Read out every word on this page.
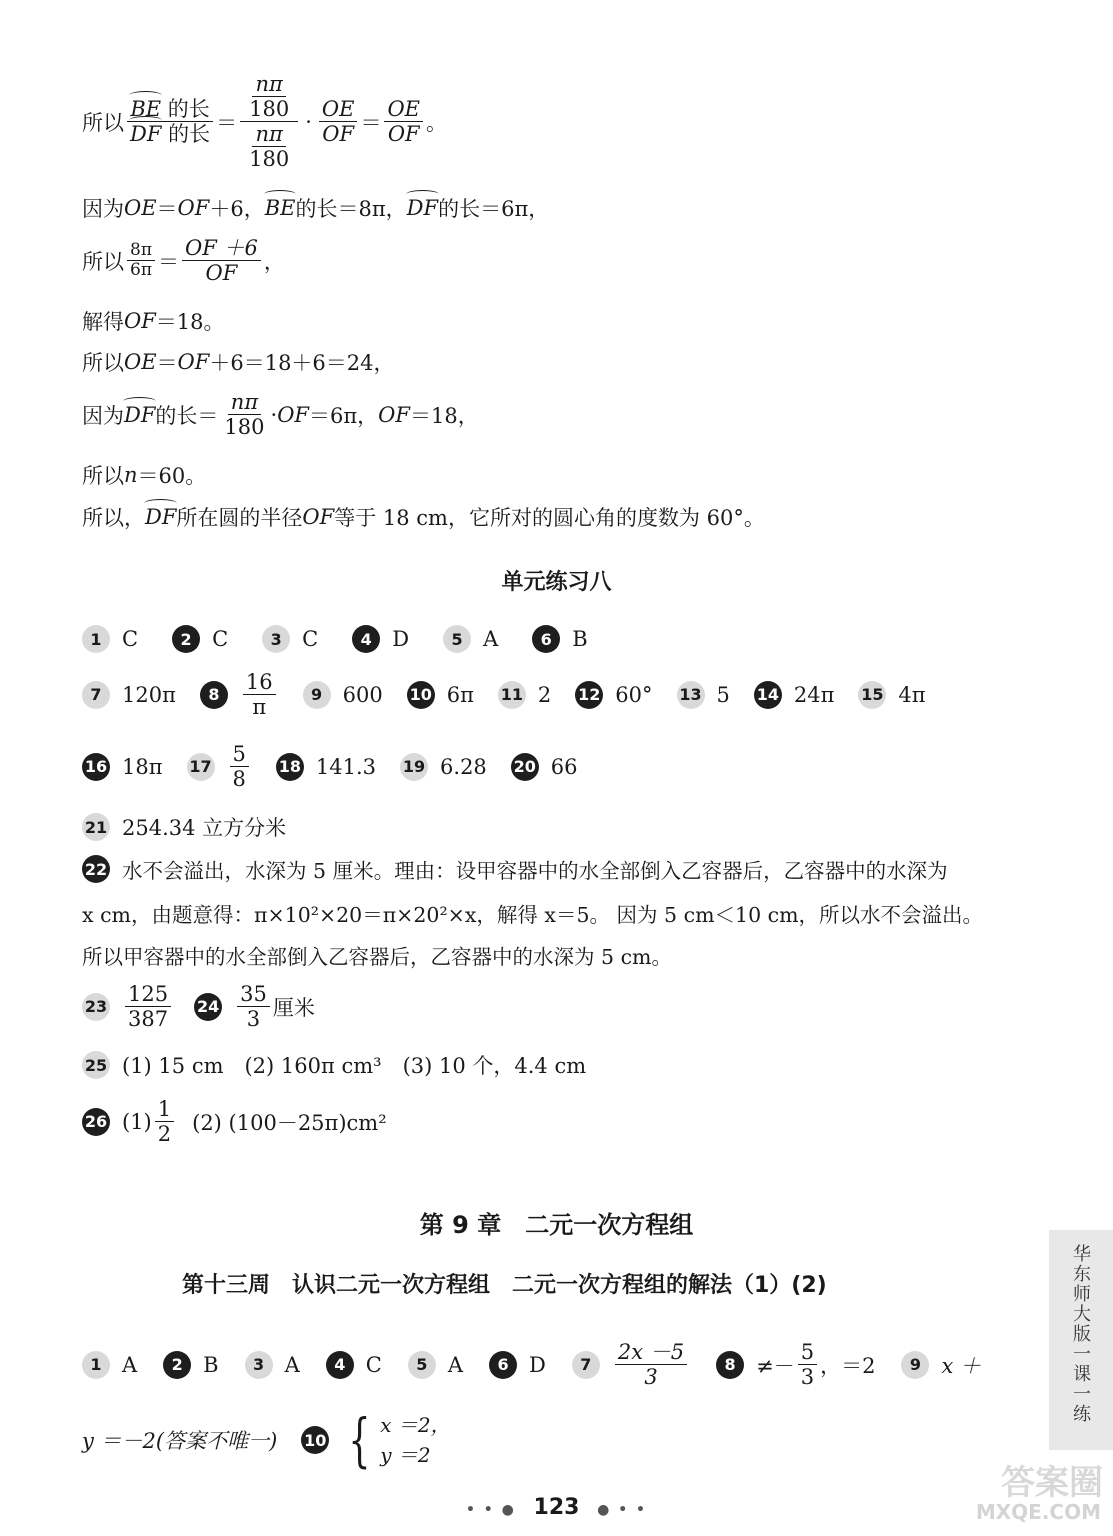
所以 $\frac{\text{BE 的长}}{\text{DF 的长}} = \frac{\frac{n\pi}{180}}{\frac{n\pi}{180}} \cdot \frac{OE}{OF} = \frac{OE}{OF}$ 。
因为 OE ＝ OF ＋6， BE 的长＝8π， DF 的长＝6π，
所以 $\frac{8\pi}{6\pi} = \frac{OF +6}{OF}$ ，
解得 OF ＝18。
所以 OE ＝ OF ＋6＝18＋6＝24，
因为 DF 的长＝ $\frac{n\pi}{180}$ · OF ＝6π， OF ＝18，
所以 n ＝60。
所以， DF 所在圆的半径 OF 等于 18 cm，它所对的圆心角的度数为 60°。
单元练习八
1 C	2 C	3 C	4 D	5 A	6 B
7 120π	8	$\frac{16}{\pi}$	9 600 10 6π 11 2 12 60° 13 5 14 24π 15 4π
16 18π $17 \frac{5}{8} 18$ 141.3 19 6.28 20 66
21 254.34 立方分米
22 水不会溢出，水深为 5 厘米。理由：设甲容器中的水全部倒入乙容器后，乙容器中的水深为
x cm，由题意得：π×10²×20＝π×20²×x，解得 x＝5。 因为 5 cm＜10 cm，所以水不会溢出。
所以甲容器中的水全部倒入乙容器后，乙容器中的水深为 5 cm。
$23 \frac{125}{387} 24 \frac{35}{3}$ 厘米
25 (1) 15 cm　(2) 160π cm³　(3) 10 个，4.4 cm
26 $(1) \frac{1}{2} (2)$ (100－25π)cm²
第 9 章　二元一次方程组
第十三周　认识二元一次方程组　二元一次方程组的解法（1）(2)
1 A	2 B	3 A	4 C	5 A	6 D	7	$\frac{2x -5}{3}$	$8 \ne- \frac{5}{3}$ ，＝2	9 x ＋
y ＝－2(答案不唯一) 10 { x ＝2，
y ＝2
华东师大版一课一练
• • ● 123 ● • •
答案圈
MXQE.COM
